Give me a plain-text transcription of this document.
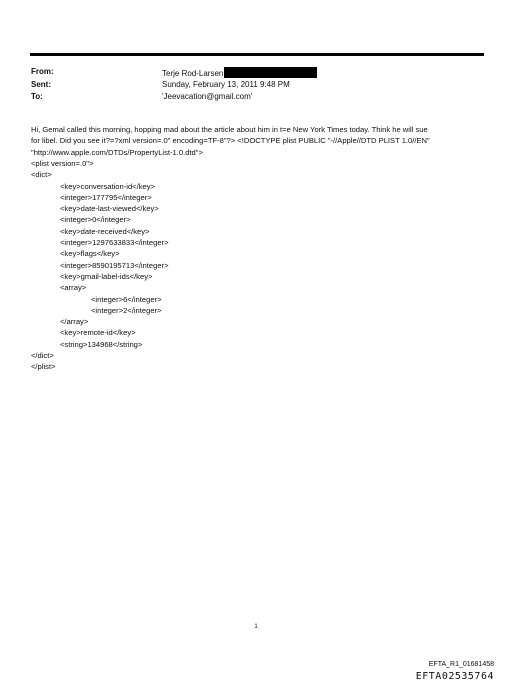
From:	Terje Rod-Larsen
Sent:	Sunday, February 13, 2011 9:48 PM
To:	'Jeevacation@gmail.com'

Hi, Gemal called this morning, hopping mad about the article about him in t=e New York Times today. Think he will sue

for libel. Did you see it?=?xml version=.0" encoding=TF-8"?> <!DOCTYPE plist PUBLIC "-//Apple//DTD PLIST 1.0//EN"

"http://www.apple.com/DTDs/PropertyList-1.0.dtd">

<plist version=.0">
<dict>
<key>conversation-id</key>
<integer>177795</integer>
<key>date-last-viewed</key>
<integer>0</integer>
<key>date-received</key>
<integer>1297633833</integer>
<key>flags</key>
<integer>8590195713</integer>
<key>gmail-label-ids</key>
<array>
<integer>6</integer>
<integer>2</integer>
</array>
<key>remote-id</key>
<string>134968</string>
</dict>
</plist>
1
EFTA_R1_01681458
EFTA02535764
